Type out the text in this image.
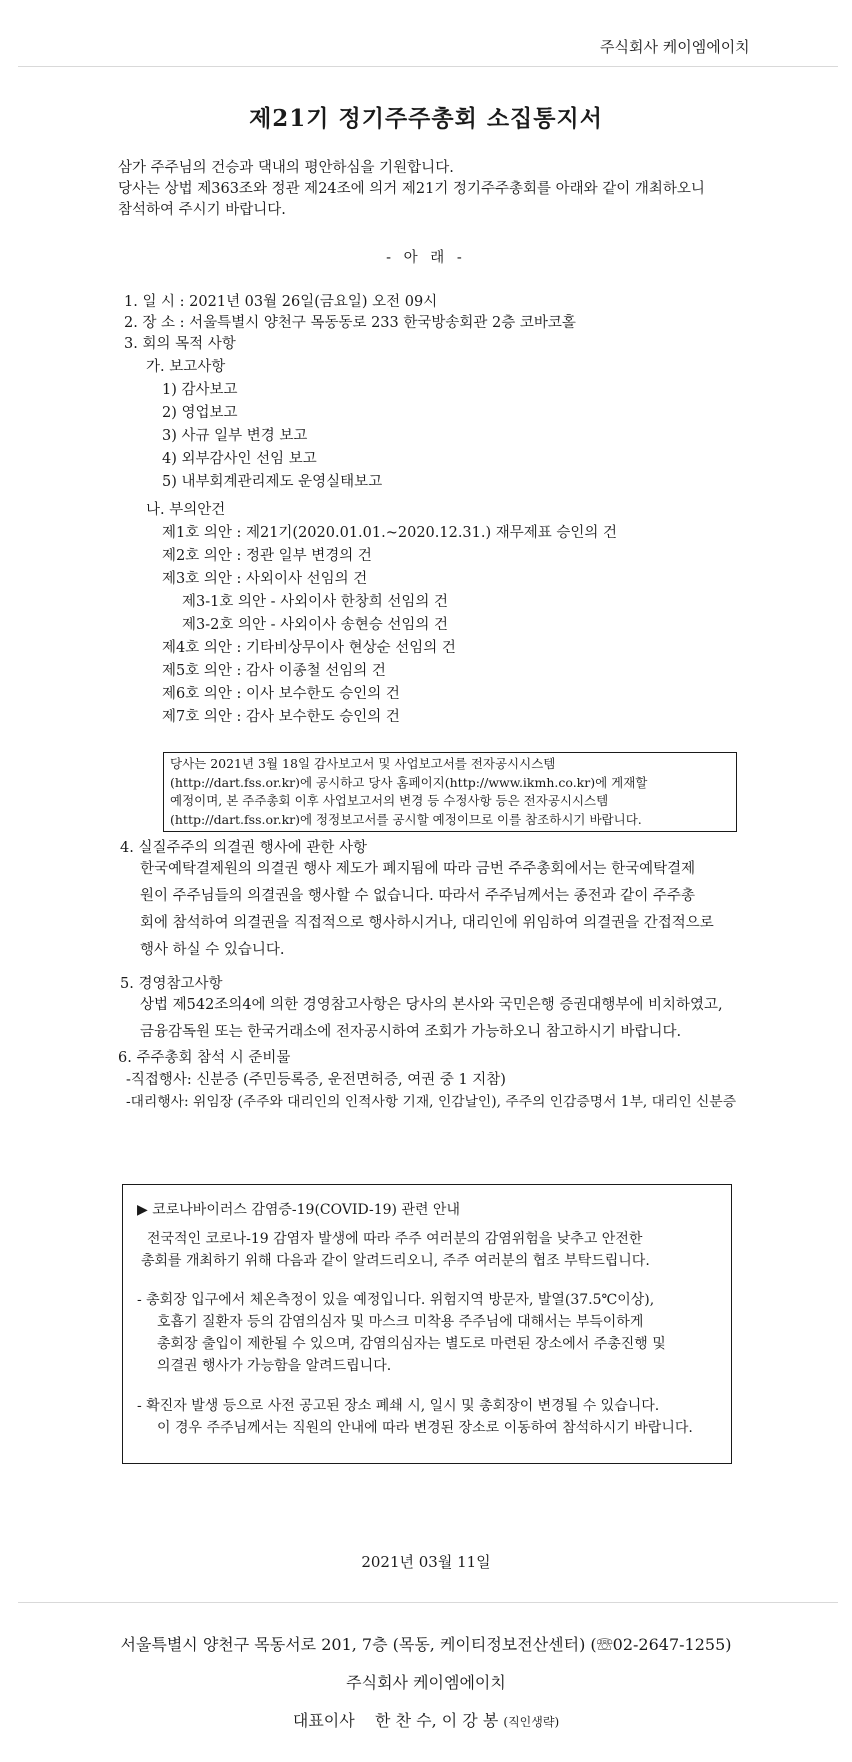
주식회사 케이엠에이치
제21기 정기주주총회 소집통지서
삼가 주주님의 건승과 댁내의 평안하심을 기원합니다.
당사는 상법 제363조와 정관 제24조에 의거 제21기 정기주주총회를 아래와 같이 개최하오니
참석하여 주시기 바랍니다.
- 아 래 -
1. 일 시 : 2021년 03월 26일(금요일) 오전 09시
2. 장 소 : 서울특별시 양천구 목동동로 233 한국방송회관 2층 코바코홀
3. 회의 목적 사항
가. 보고사항
1) 감사보고
2) 영업보고
3) 사규 일부 변경 보고
4) 외부감사인 선임 보고
5) 내부회계관리제도 운영실태보고
나. 부의안건
제1호 의안 : 제21기(2020.01.01.~2020.12.31.) 재무제표 승인의 건
제2호 의안 : 정관 일부 변경의 건
제3호 의안 : 사외이사 선임의 건
제3-1호 의안 - 사외이사 한창희 선임의 건
제3-2호 의안 - 사외이사 송현승 선임의 건
제4호 의안 : 기타비상무이사 현상순 선임의 건
제5호 의안 : 감사 이종철 선임의 건
제6호 의안 : 이사 보수한도 승인의 건
제7호 의안 : 감사 보수한도 승인의 건
당사는 2021년 3월 18일 감사보고서 및 사업보고서를 전자공시시스템
(http://dart.fss.or.kr)에 공시하고 당사 홈페이지(http://www.ikmh.co.kr)에 게재할
예정이며, 본 주주총회 이후 사업보고서의 변경 등 수정사항 등은 전자공시시스템
(http://dart.fss.or.kr)에 정정보고서를 공시할 예정이므로 이를 참조하시기 바랍니다.
4. 실질주주의 의결권 행사에 관한 사항
한국예탁결제원의 의결권 행사 제도가 폐지됨에 따라 금번 주주총회에서는 한국예탁결제
원이 주주님들의 의결권을 행사할 수 없습니다. 따라서 주주님께서는 종전과 같이 주주총
회에 참석하여 의결권을 직접적으로 행사하시거나, 대리인에 위임하여 의결권을 간접적으로
행사 하실 수 있습니다.
5. 경영참고사항
상법 제542조의4에 의한 경영참고사항은 당사의 본사와 국민은행 증권대행부에 비치하였고,
금융감독원 또는 한국거래소에 전자공시하여 조회가 가능하오니 참고하시기 바랍니다.
6. 주주총회 참석 시 준비물
-직접행사: 신분증 (주민등록증, 운전면허증, 여권 중 1 지참)
-대리행사: 위임장 (주주와 대리인의 인적사항 기재, 인감날인), 주주의 인감증명서 1부, 대리인 신분증
▶ 코로나바이러스 감염증-19(COVID-19) 관련 안내
전국적인 코로나-19 감염자 발생에 따라 주주 여러분의 감염위험을 낮추고 안전한
총회를 개최하기 위해 다음과 같이 알려드리오니, 주주 여러분의 협조 부탁드립니다.
- 총회장 입구에서 체온측정이 있을 예정입니다. 위험지역 방문자, 발열(37.5℃이상),
호흡기 질환자 등의 감염의심자 및 마스크 미착용 주주님에 대해서는 부득이하게
총회장 출입이 제한될 수 있으며, 감염의심자는 별도로 마련된 장소에서 주총진행 및
의결권 행사가 가능함을 알려드립니다.
- 확진자 발생 등으로 사전 공고된 장소 폐쇄 시, 일시 및 총회장이 변경될 수 있습니다.
이 경우 주주님께서는 직원의 안내에 따라 변경된 장소로 이동하여 참석하시기 바랍니다.
2021년 03월 11일
서울특별시 양천구 목동서로 201, 7층 (목동, 케이티정보전산센터) (☏02-2647-1255)
주식회사 케이엠에이치
대표이사 한 찬 수, 이 강 봉 (직인생략)
